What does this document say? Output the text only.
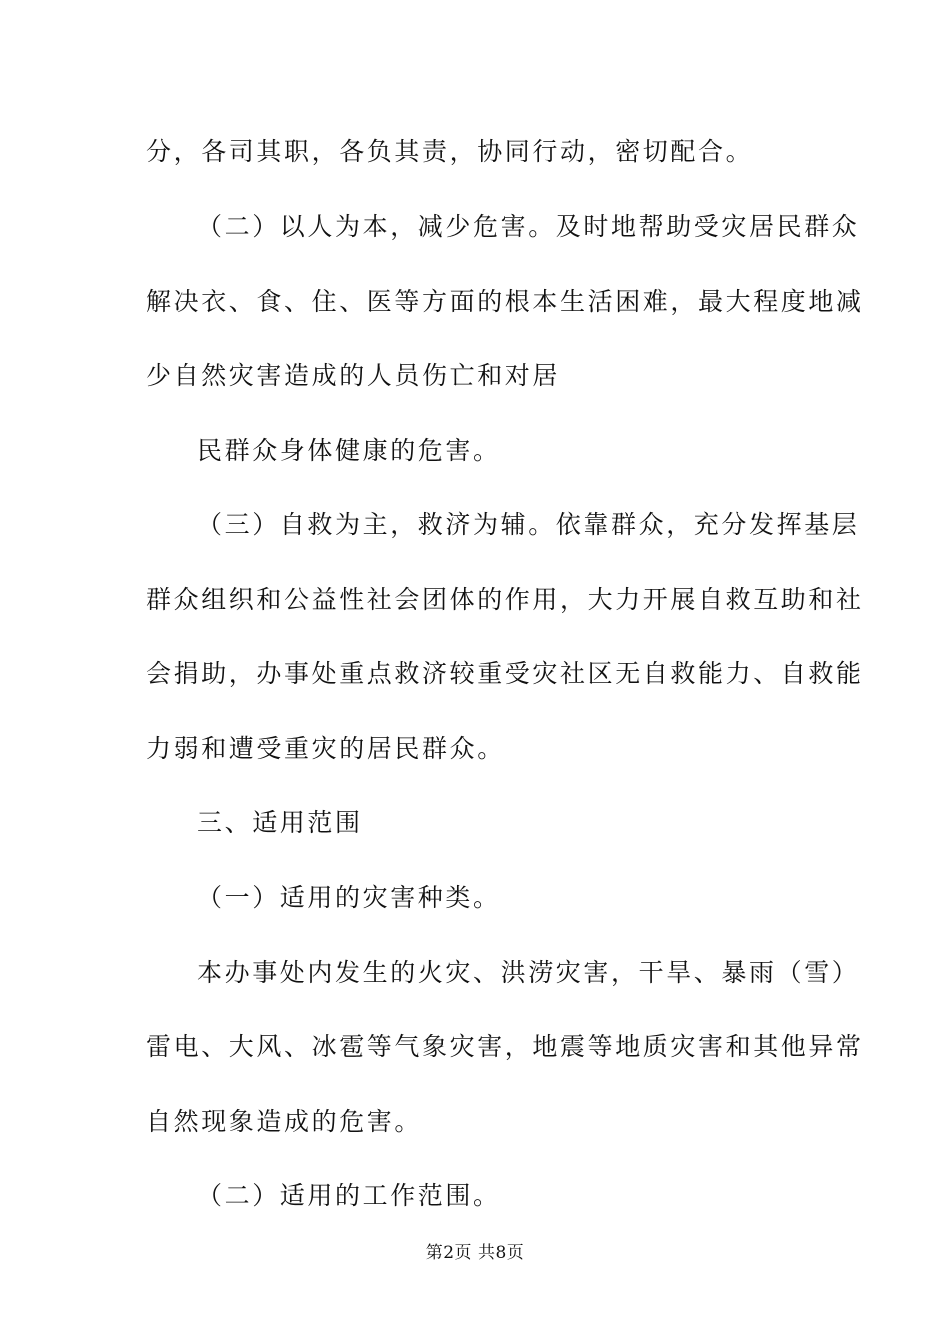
分，各司其职，各负其责，协同行动，密切配合。
（二）以人为本，减少危害。及时地帮助受灾居民群众
解决衣、食、住、医等方面的根本生活困难，最大程度地减
少自然灾害造成的人员伤亡和对居
民群众身体健康的危害。
（三）自救为主，救济为辅。依靠群众，充分发挥基层
群众组织和公益性社会团体的作用，大力开展自救互助和社
会捐助，办事处重点救济较重受灾社区无自救能力、自救能
力弱和遭受重灾的居民群众。
三、适用范围
（一）适用的灾害种类。
本办事处内发生的火灾、洪涝灾害，干旱、暴雨（雪）
雷电、大风、冰雹等气象灾害，地震等地质灾害和其他异常
自然现象造成的危害。
（二）适用的工作范围。
第2页 共8页
